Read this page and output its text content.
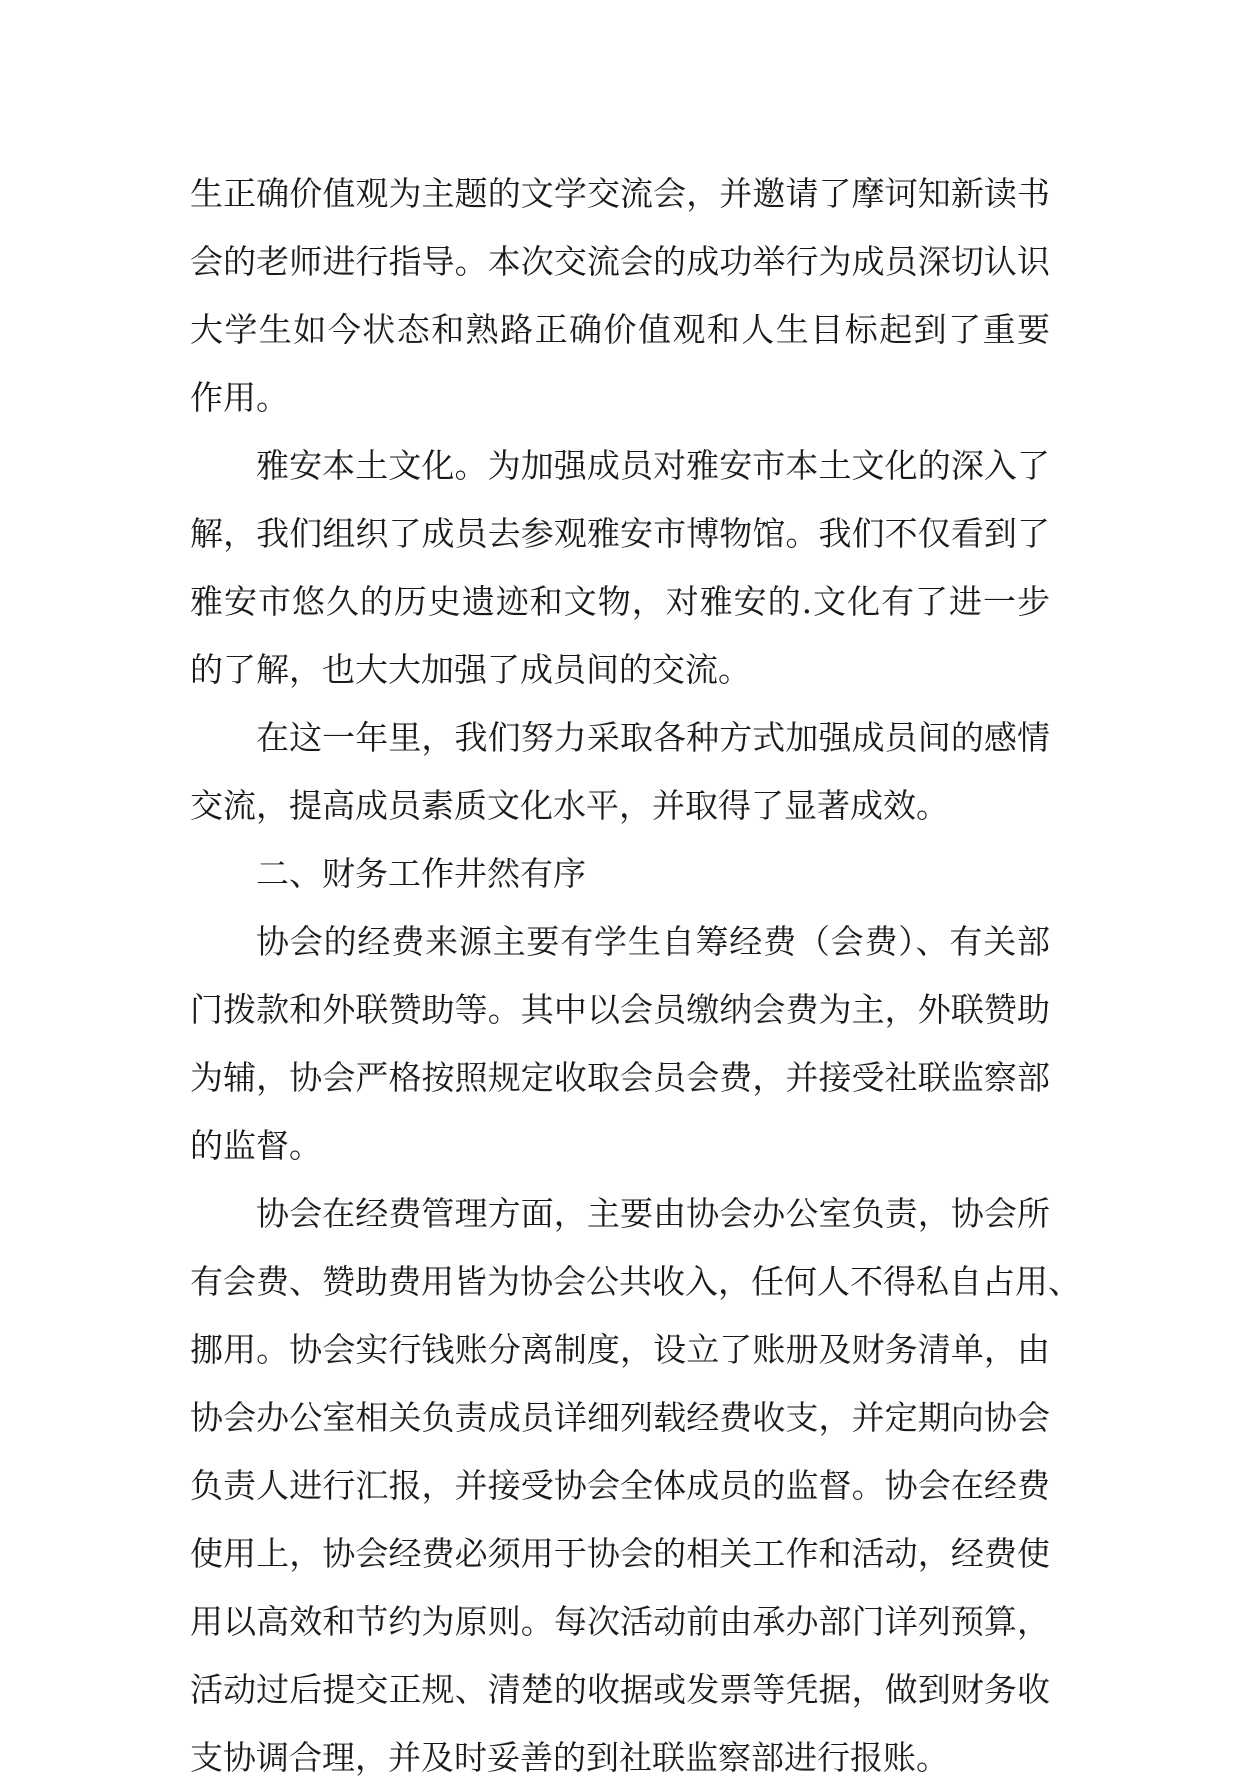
生正确价值观为主题的文学交流会，并邀请了摩诃知新读书
会的老师进行指导。本次交流会的成功举行为成员深切认识
大学生如今状态和熟路正确价值观和人生目标起到了重要
作用。
雅安本土文化。为加强成员对雅安市本土文化的深入了
解，我们组织了成员去参观雅安市博物馆。我们不仅看到了
雅安市悠久的历史遗迹和文物，对雅安的.文化有了进一步
的了解，也大大加强了成员间的交流。
在这一年里，我们努力采取各种方式加强成员间的感情
交流，提高成员素质文化水平，并取得了显著成效。
二、财务工作井然有序
协会的经费来源主要有学生自筹经费（会费）、有关部
门拨款和外联赞助等。其中以会员缴纳会费为主，外联赞助
为辅，协会严格按照规定收取会员会费，并接受社联监察部
的监督。
协会在经费管理方面，主要由协会办公室负责，协会所
有会费、赞助费用皆为协会公共收入，任何人不得私自占用、
挪用。协会实行钱账分离制度，设立了账册及财务清单，由
协会办公室相关负责成员详细列载经费收支，并定期向协会
负责人进行汇报，并接受协会全体成员的监督。协会在经费
使用上，协会经费必须用于协会的相关工作和活动，经费使
用以高效和节约为原则。每次活动前由承办部门详列预算，
活动过后提交正规、清楚的收据或发票等凭据，做到财务收
支协调合理，并及时妥善的到社联监察部进行报账。
